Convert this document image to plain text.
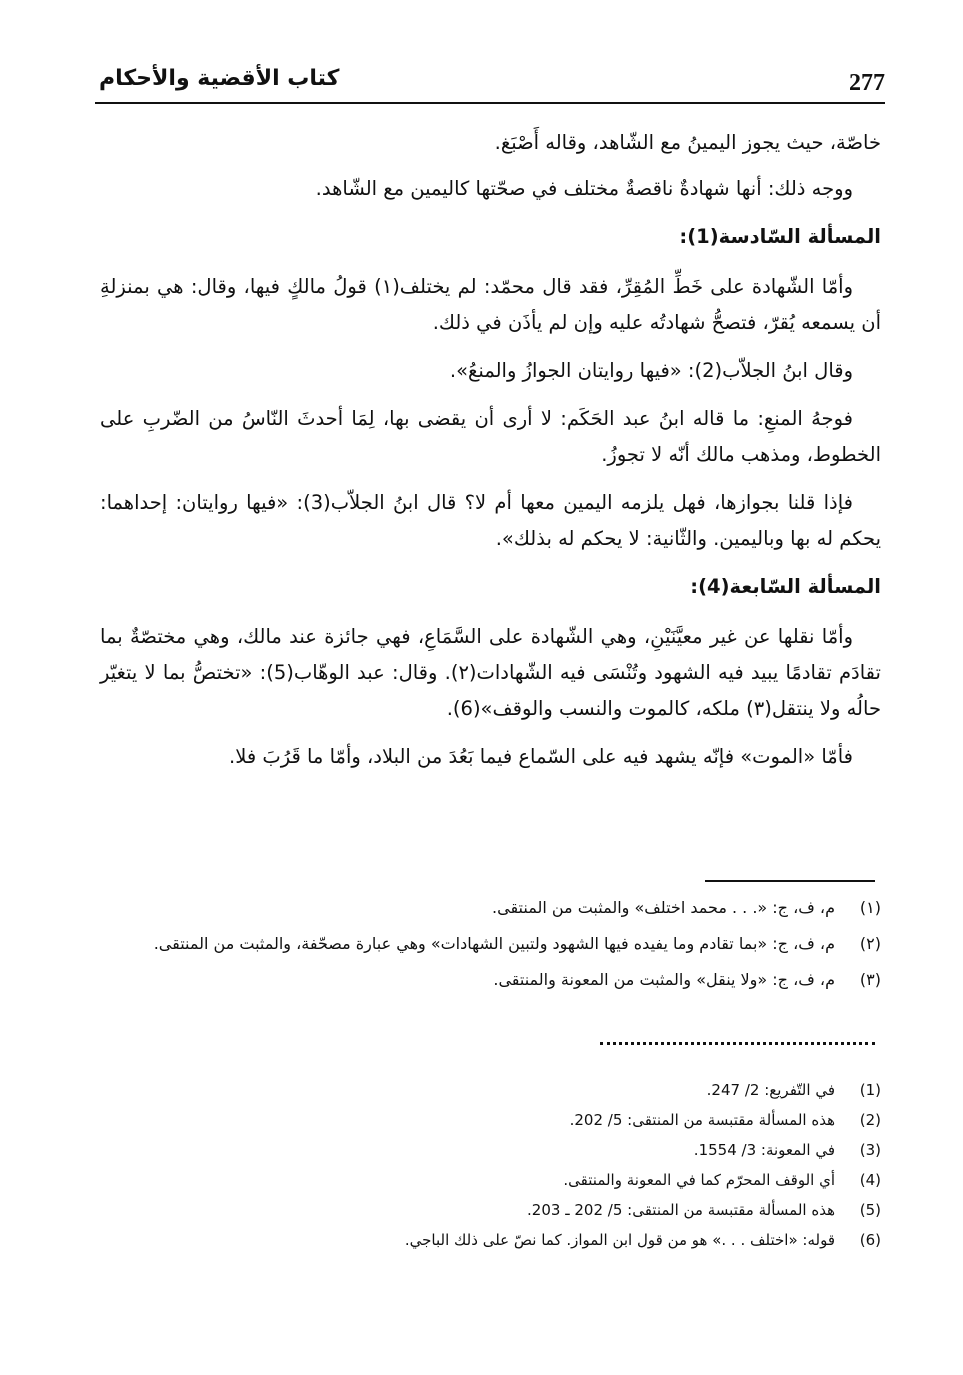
277
كتاب الأقضية والأحكام

خاصّة، حيث يجوز اليمينُ مع الشّاهد، وقاله أَصْبَغ.

ووجه ذلك: أنها شهادةٌ ناقصةٌ مختلف في صحّتها كاليمين مع الشّاهد.

المسألة السّادسة(1):

وأمّا الشّهادة على خَطِّ المُقِرِّ، فقد قال محمّد: لم يختلف(١) قولُ مالكٍ فيها، وقال: هي بمنزلةِ أن يسمعه يُقرّ، فتصحُّ شهادتُه عليه وإن لم يأذَن في ذلك.

وقال ابنُ الجلاّب(2): «فيها روايتان الجوازُ والمنعُ».

فوجهُ المنعِ: ما قاله ابنُ عبد الحَكَم: لا أرى أن يقضى بها، لِمَا أحدثَ النّاسُ من الضّربِ على الخطوط، ومذهب مالك أنّه لا تجوزُ.

فإذا قلنا بجوازها، فهل يلزمه اليمين معها أم لا؟ قال ابنُ الجلاّب(3): «فيها روايتان: إحداهما: يحكم له بها وباليمين. والثّانية: لا يحكم له بذلك».

المسألة السّابعة(4):

وأمّا نقلها عن غير معيَّنَيْنِ، وهي الشّهادة على السَّمَاعِ، فهي جائزة عند مالك، وهي مختصّةٌ بما تقادَم تقادمًا يبيد فيه الشهود وتُنْسَى فيه الشّهادات(٢). وقال: عبد الوهّاب(5): «تختصُّ بما لا يتغيّر حالُه ولا ينتقل(٣) ملكه، كالموت والنسب والوقف»(6).

فأمّا «الموت» فإنّه يشهد فيه على السّماع فيما بَعُدَ من البلاد، وأمّا ما قَرُبَ فلا.

(١)
م، ف، ج: «. . . محمد اختلف» والمثبت من المنتقى.
(٢)
م، ف، ج: «بما تقادم وما يفيده فيها الشهود ولتبين الشهادات» وهي عبارة مصحّفة، والمثبت من المنتقى.
(٣)
م، ف، ج: «ولا ينقل» والمثبت من المعونة والمنتقى.
(1)
في التّفريع: 2/ 247.
(2)
هذه المسألة مقتبسة من المنتقى: 5/ 202.
(3)
في المعونة: 3/ 1554.
(4)
أي الوقف المحرّم كما في المعونة والمنتقى.
(5)
هذه المسألة مقتبسة من المنتقى: 5/ 202 ـ 203.
(6)
قوله: «اختلف . . .» هو من قول ابن المواز. كما نصّ على ذلك الباجي.
